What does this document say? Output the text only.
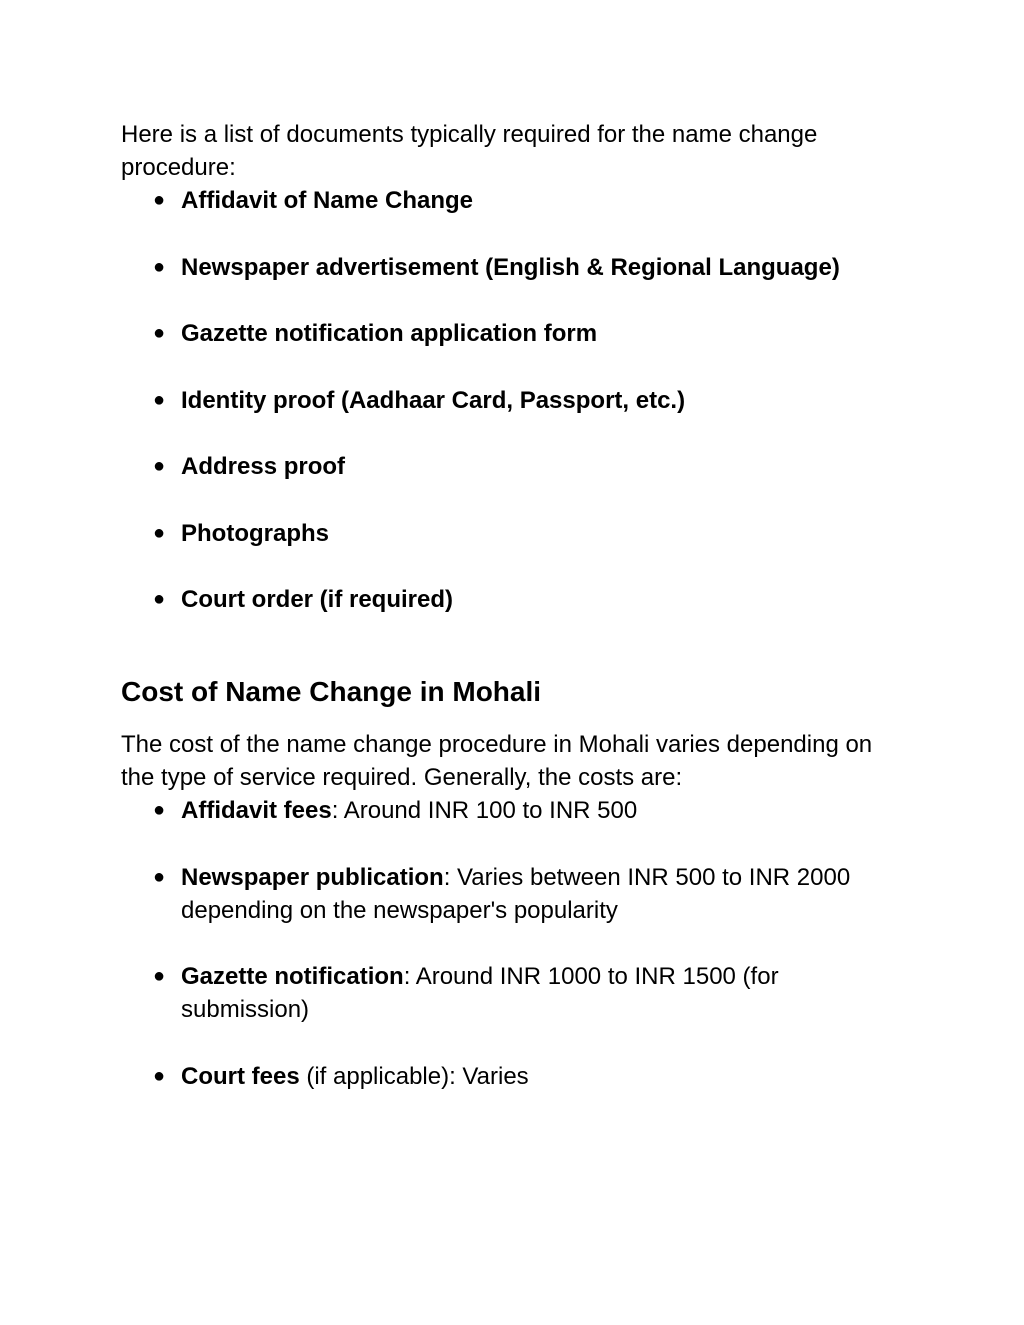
Here is a list of documents typically required for the name change procedure:

● Affidavit of Name Change
● Newspaper advertisement (English & Regional Language)
● Gazette notification application form
● Identity proof (Aadhaar Card, Passport, etc.)
● Address proof
● Photographs
● Court order (if required)
Cost of Name Change in Mohali

The cost of the name change procedure in Mohali varies depending on the type of service required. Generally, the costs are:

● Affidavit fees: Around INR 100 to INR 500
● Newspaper publication: Varies between INR 500 to INR 2000 depending on the newspaper's popularity
● Gazette notification: Around INR 1000 to INR 1500 (for submission)
● Court fees (if applicable): Varies
